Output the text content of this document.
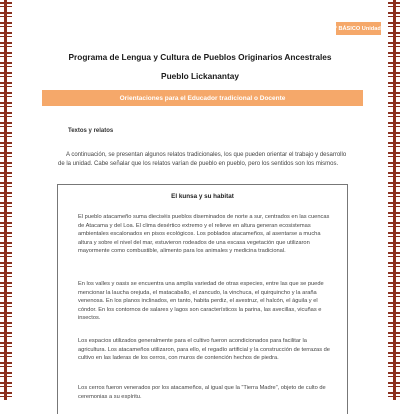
2° BÁSICO Unidad 2
Programa de Lengua y Cultura de Pueblos Originarios Ancestrales
Pueblo Lickanantay
Orientaciones para el Educador tradicional o Docente
Textos y relatos
A continuación, se presentan algunos relatos tradicionales, los que pueden orientar el trabajo y desarrollo de la unidad. Cabe señalar que los relatos varían de pueblo en pueblo, pero los sentidos son los mismos.
El kunsa y su habitat
El pueblo atacameño suma dieciséis pueblos diseminados de norte a sur, centrados en las cuencas de Atacama y del Loa. El clima desértico extremo y el relieve en altura generan ecosistemas ambientales escalonados en pisos ecológicos. Los poblados atacameños, al asentarse a mucha altura y sobre el nivel del mar, estuvieron rodeados de una escasa vegetación que utilizaron mayormente como combustible, alimento para los animales y medicina tradicional.
En los valles y oasis se encuentra una amplia variedad de otras especies, entre las que se puede mencionar la laucha orejuda, el matacaballo, el zancudo, la vinchuca, el quirquincho y la araña venenosa. En los planos inclinados, en tanto, habita perdiz, el avestruz, el halcón, el águila y el cóndor. En los contornos de salares y lagos son característicos la parina, las avecillas, vicuñas e insectos.
Los espacios utilizados generalmente para el cultivo fueron acondicionados para facilitar la agricultura. Los atacameños utilizaron, para ello, el regadío artificial y la construcción de terrazas de cultivo en las laderas de los cerros, con muros de contención hechos de piedra.
Los cerros fueron venerados por los atacameños, al igual que la “Tierra Madre”, objeto de culto de ceremonias a su espíritu.
